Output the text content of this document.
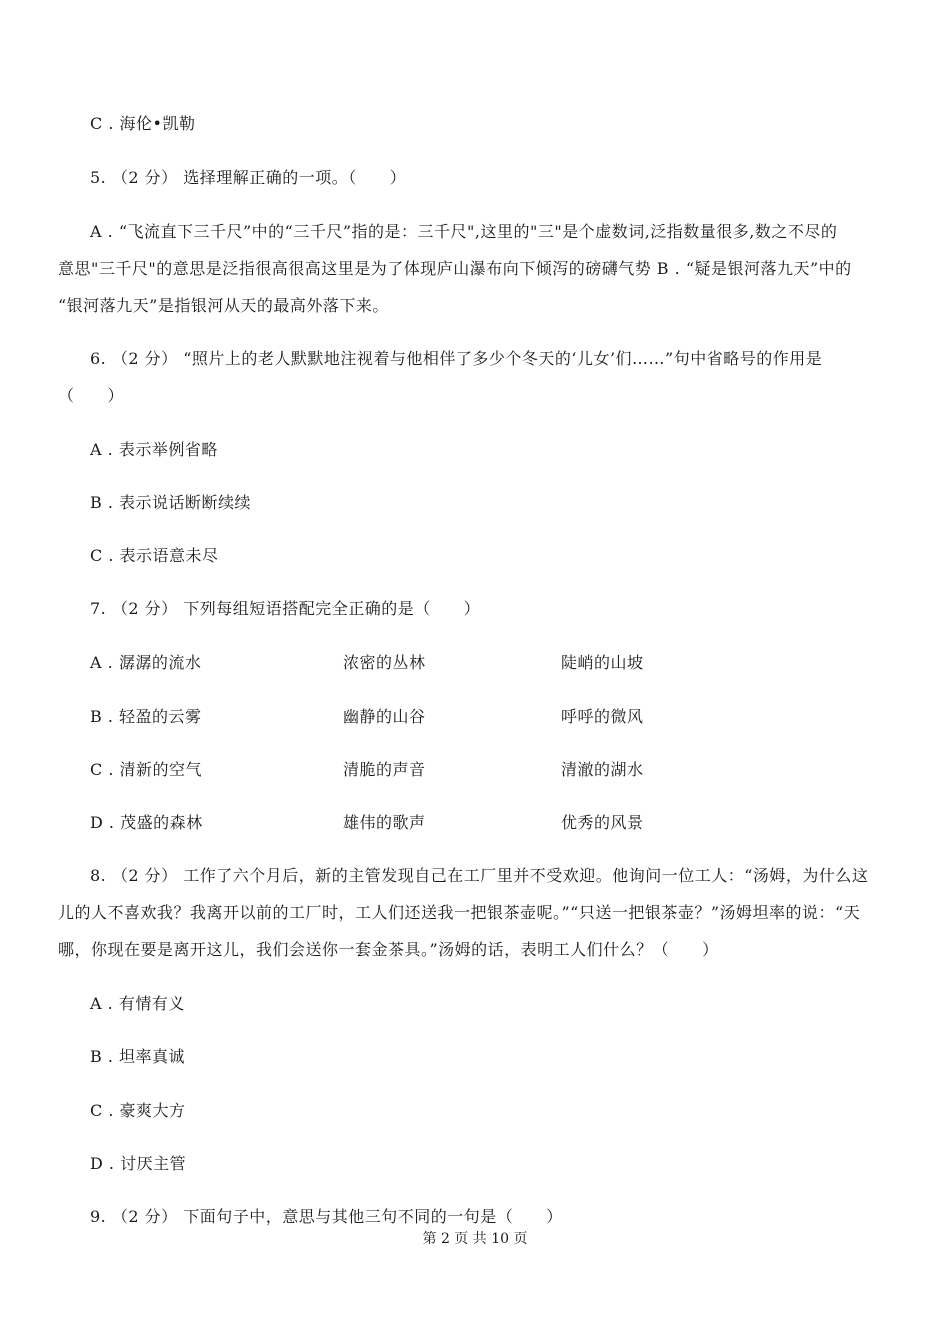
C . 海伦•凯勒
5. （2 分） 选择理解正确的一项。（　　）
A . “飞流直下三千尺”中的“三千尺”指的是：三千尺",这里的"三"是个虚数词,泛指数量很多,数之不尽的
意思"三千尺"的意思是泛指很高很高这里是为了体现庐山瀑布向下倾泻的磅礴气势 B . “疑是银河落九天”中的
“银河落九天”是指银河从天的最高外落下来。
6. （2 分） “照片上的老人默默地注视着与他相伴了多少个冬天的‘儿女’们……”句中省略号的作用是
（　　）
A . 表示举例省略
B . 表示说话断断续续
C . 表示语意未尽
7. （2 分） 下列每组短语搭配完全正确的是（　　）
A . 潺潺的流水	浓密的丛林	陡峭的山坡
B . 轻盈的云雾	幽静的山谷	呼呼的微风
C . 清新的空气	清脆的声音	清澈的湖水
D . 茂盛的森林	雄伟的歌声	优秀的风景
8. （2 分） 工作了六个月后，新的主管发现自己在工厂里并不受欢迎。他询问一位工人：“汤姆，为什么这
儿的人不喜欢我？我离开以前的工厂时，工人们还送我一把银茶壶呢。”“只送一把银茶壶？”汤姆坦率的说：“天
哪，你现在要是离开这儿，我们会送你一套金茶具。”汤姆的话，表明工人们什么？（　　）
A . 有情有义
B . 坦率真诚
C . 豪爽大方
D . 讨厌主管
9. （2 分） 下面句子中，意思与其他三句不同的一句是（　　）
第 2 页 共 10 页
